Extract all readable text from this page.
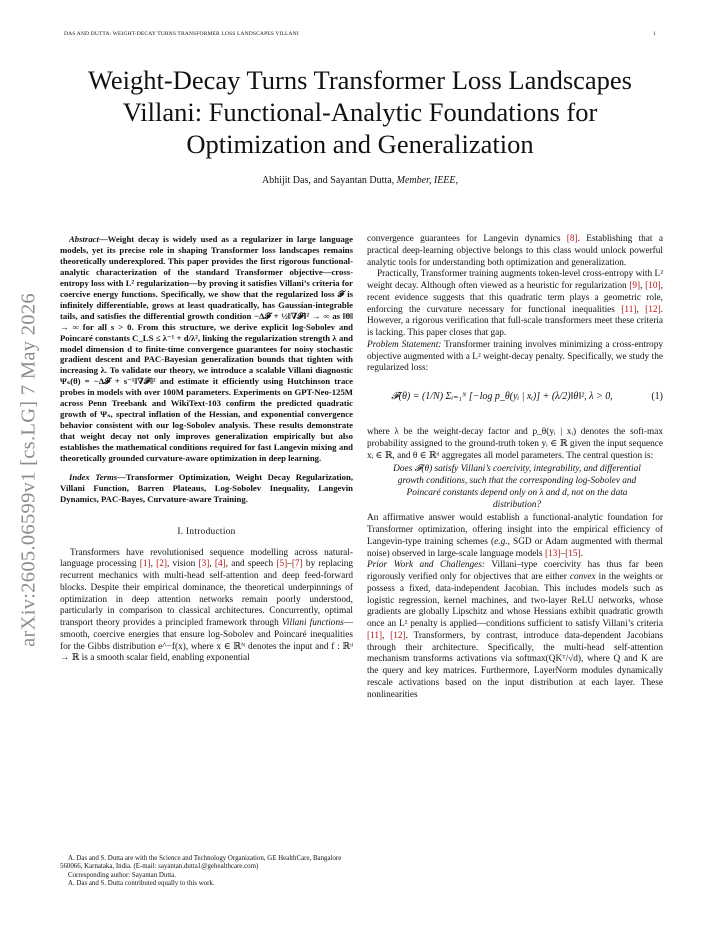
DAS AND DUTTA: WEIGHT-DECAY TURNS TRANSFORMER LOSS LANDSCAPES VILLANI	1
Weight-Decay Turns Transformer Loss Landscapes
Villani: Functional-Analytic Foundations for
Optimization and Generalization
Abhijit Das, and Sayantan Dutta, Member, IEEE,
arXiv:2605.06599v1 [cs.LG] 7 May 2026

Abstract—Weight decay is widely used as a regularizer in large language models, yet its precise role in shaping Transformer loss landscapes remains theoretically underexplored. This paper provides the first rigorous functional-analytic characterization of the standard Transformer objective—cross-entropy loss with L² regularization—by proving it satisfies Villani’s criteria for coercive energy functions. Specifically, we show that the regularized loss 𝓕 is infinitely differentiable, grows at least quadratically, has Gaussian-integrable tails, and satisfies the differential growth condition −Δ𝓕 + ½‖∇𝓕‖² → ∞ as ‖θ‖ → ∞ for all s > 0. From this structure, we derive explicit log-Sobolev and Poincaré constants C_LS ≤ λ⁻¹ + d/λ², linking the regularization strength λ and model dimension d to finite-time convergence guarantees for noisy stochastic gradient descent and PAC-Bayesian generalization bounds that tighten with increasing λ. To validate our theory, we introduce a scalable Villani diagnostic Ψₛ(θ) = −Δ𝓕 + s⁻¹‖∇𝓕‖² and estimate it efficiently using Hutchinson trace probes in models with over 100M parameters. Experiments on GPT-Neo-125M across Penn Treebank and WikiText-103 confirm the predicted quadratic growth of Ψₛ, spectral inflation of the Hessian, and exponential convergence behavior consistent with our log-Sobolev analysis. These results demonstrate that weight decay not only improves generalization empirically but also establishes the mathematical conditions required for fast Langevin mixing and theoretically grounded curvature-aware optimization in deep learning.

Index Terms—Transformer Optimization, Weight Decay Regularization, Villani Function, Barren Plateaus, Log-Sobolev Inequality, Langevin Dynamics, PAC-Bayes, Curvature-aware Training.

I. Introduction

Transformers have revolutionised sequence modelling across natural-language processing [1], [2], vision [3], [4], and speech [5]–[7] by replacing recurrent mechanics with multi-head self-attention and deep feed-forward blocks. Despite their empirical dominance, the theoretical underpinnings of optimization in deep attention networks remain poorly understood, particularly in comparison to classical architectures. Concurrently, optimal transport theory provides a principled framework through Villani functions—smooth, coercive energies that ensure log-Sobolev and Poincaré inequalities for the Gibbs distribution e^−f(x), where x ∈ ℝᴺ denotes the input and f : ℝᵈ → ℝ is a smooth scalar field, enabling exponential

A. Das and S. Dutta are with the Science and Technology Organization, GE HealthCare, Bangalore 560066, Karnataka, India. (E-mail: sayantan.dutta1@gehealthcare.com)

Corresponding author: Sayantan Dutta.

A. Das and S. Dutta contributed equally to this work.

convergence guarantees for Langevin dynamics [8]. Establishing that a practical deep-learning objective belongs to this class would unlock powerful analytic tools for understanding both optimization and generalization.

Practically, Transformer training augments token-level cross-entropy with L² weight decay. Although often viewed as a heuristic for regularization [9], [10], recent evidence suggests that this quadratic term plays a geometric role, enforcing the curvature necessary for functional inequalities [11], [12]. However, a rigorous verification that full-scale transformers meet these criteria is lacking. This paper closes that gap.

Problem Statement: Transformer training involves minimizing a cross-entropy objective augmented with a L² weight-decay penalty. Specifically, we study the regularized loss:

𝓕(θ) = (1/N) Σᵢ₌₁ᴺ [−log p_θ(yᵢ | xᵢ)] + (λ/2)‖θ‖², λ > 0,	(1)

where λ be the weight-decay factor and p_θ(yᵢ | xᵢ) denotes the soft-max probability assigned to the ground-truth token yᵢ ∈ ℝ given the input sequence xᵢ ∈ ℝ, and θ ∈ ℝᵈ aggregates all model parameters. The central question is:

Does 𝓕(θ) satisfy Villani’s coercivity, integrability, and differential growth conditions, such that the corresponding log-Sobolev and Poincaré constants depend only on λ and d, not on the data distribution?

An affirmative answer would establish a functional-analytic foundation for Transformer optimization, offering insight into the empirical efficiency of Langevin-type training schemes (e.g., SGD or Adam augmented with thermal noise) observed in large-scale language models [13]–[15].

Prior Work and Challenges: Villani–type coercivity has thus far been rigorously verified only for objectives that are either convex in the weights or possess a fixed, data-independent Jacobian. This includes models such as logistic regression, kernel machines, and two-layer ReLU networks, whose gradients are globally Lipschitz and whose Hessians exhibit quadratic growth once an L² penalty is applied—conditions sufficient to satisfy Villani’s criteria [11], [12]. Transformers, by contrast, introduce data-dependent Jacobians through their architecture. Specifically, the multi-head self-attention mechanism transforms activations via softmax(QKᵀ/√d), where Q and K are the query and key matrices. Furthermore, LayerNorm modules dynamically rescale activations based on the input distribution at each layer. These nonlinearities
